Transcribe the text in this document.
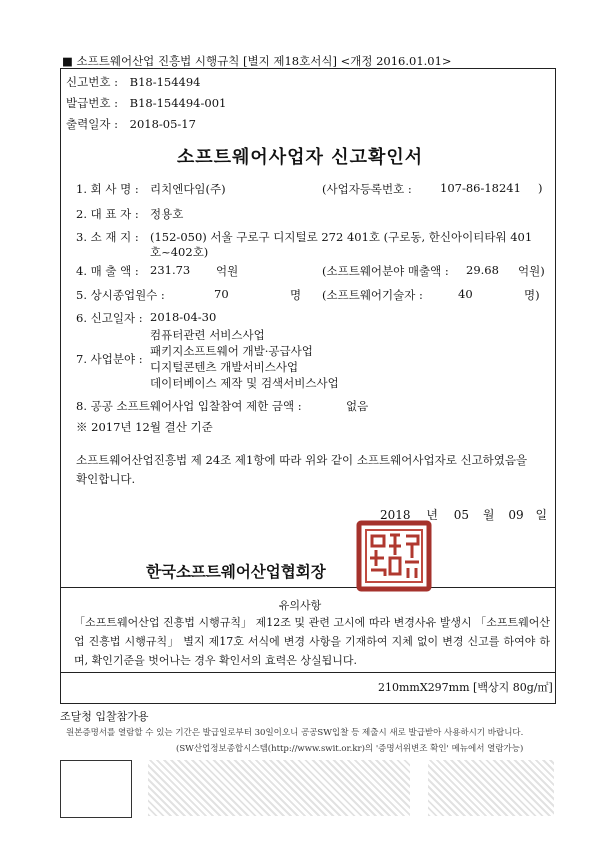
■ 소프트웨어산업 진흥법 시행규칙 [별지 제18호서식] <개정 2016.01.01>
신고번호 : B18-154494
발급번호 : B18-154494-001
출력일자 : 2018-05-17
소프트웨어사업자 신고확인서
1. 회 사 명 : 리치엔다임(주)	(사업자등록번호 : 107-86-18241 )
2. 대 표 자 : 정용호
3. 소 재 지 : (152-050) 서울 구로구 디지털로 272 401호 (구로동, 한신아이티타워 401
호~402호)
4. 매 출 액 : 231.73 억원	(소프트웨어분야 매출액 : 29.68 억원)
5. 상시종업원수 :	70	명 (소프트웨어기술자 :	40	명)
6. 신고일자 : 2018-04-30
컴퓨터관련 서비스사업
패키지소프트웨어 개발·공급사업
7. 사업분야 :
디지털콘텐츠 개발서비스사업
데이터베이스 제작 및 검색서비스사업
8. 공공 소프트웨어사업 입찰참여 제한 금액 :	없음
※ 2017년 12월 결산 기준
소프트웨어산업진흥법 제 24조 제1항에 따라 위와 같이 소프트웨어사업자로 신고하였음을 확인합니다.
2018 년 05 월 09 일
한국소프트웨어산업협회장
유의사항
「소프트웨어산업 진흥법 시행규칙」 제12조 및 관련 고시에 따라 변경사유 발생시 「소프트웨어산업 진흥법 시행규칙」 별지 제17호 서식에 변경 사항을 기재하여 지체 없이 변경 신고를 하여야 하며, 확인기준을 벗어나는 경우 확인서의 효력은 상실됩니다.
210mmX297mm [백상지 80g/㎡]
조달청 입찰참가용
원본증명서를 열람할 수 있는 기간은 발급일로부터 30일이오니 공공SW입찰 등 제출시 새로 발급받아 사용하시기 바랍니다.
(SW산업정보종합시스템(http://www.swit.or.kr)의 '증명서위변조 확인' 메뉴에서 열람가능)
